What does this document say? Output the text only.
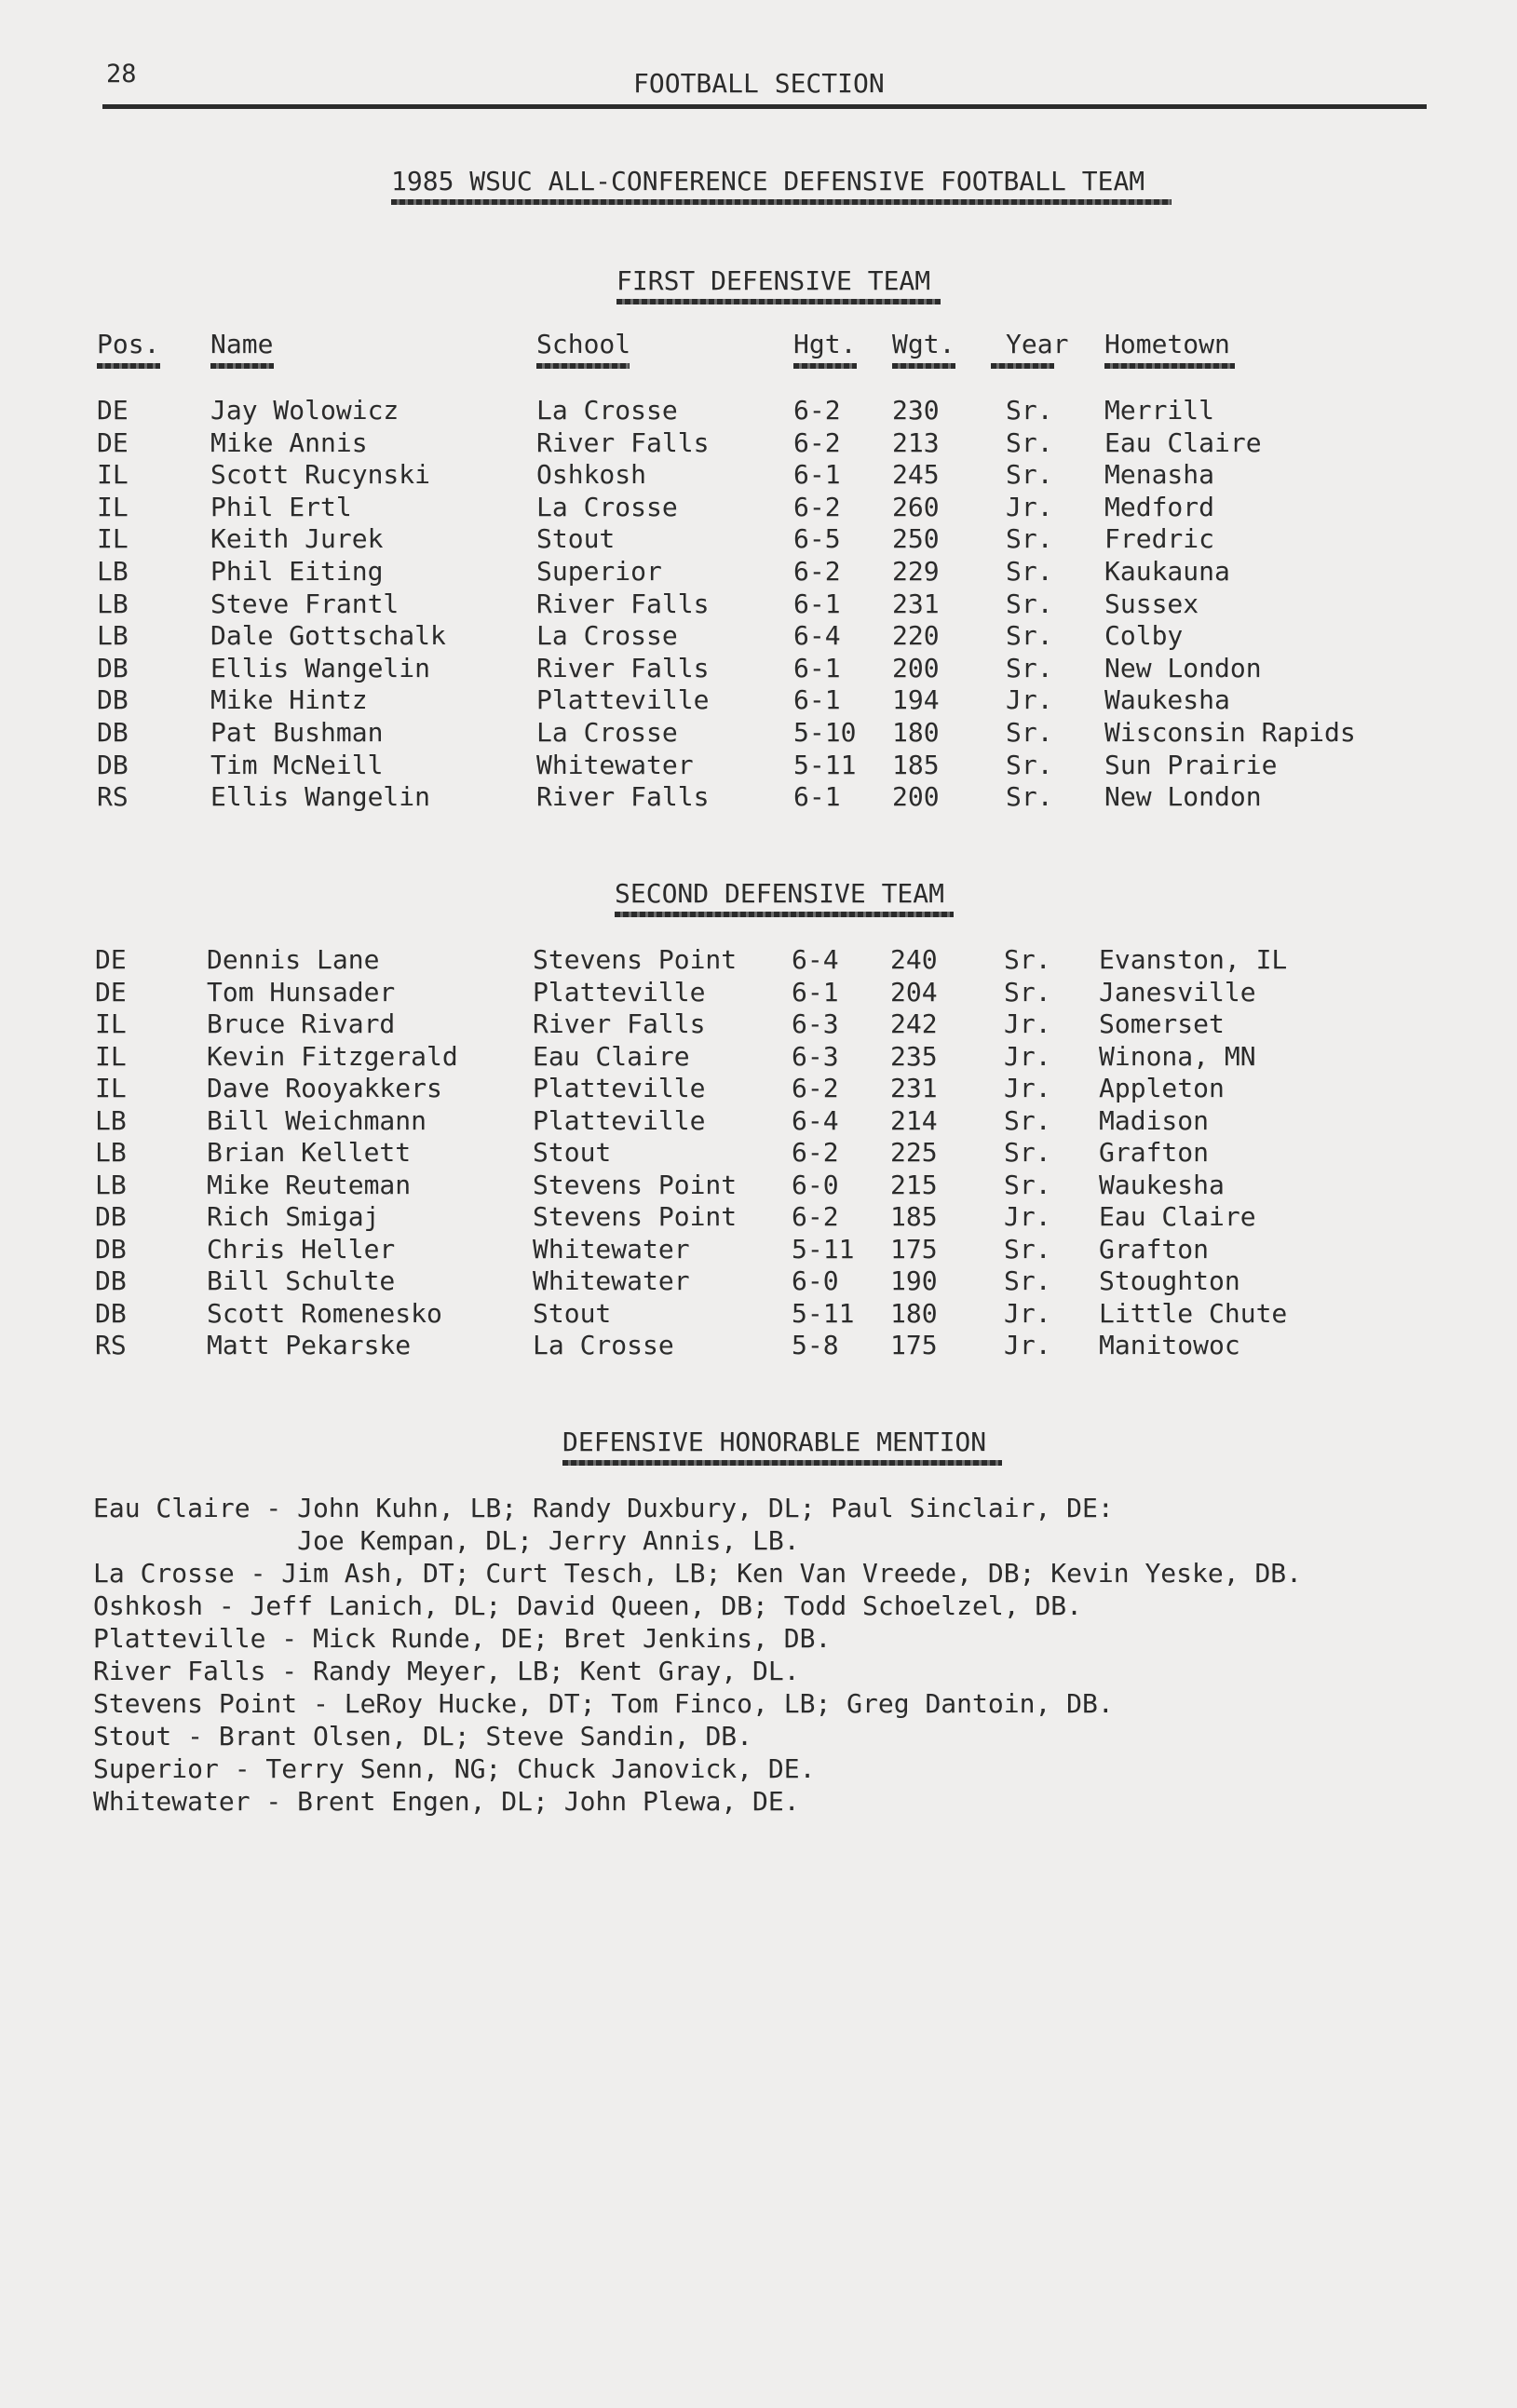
28	FOOTBALL SECTION
1985 WSUC ALL-CONFERENCE DEFENSIVE FOOTBALL TEAM
FIRST DEFENSIVE TEAM
Pos. Name	School	Hgt. Wgt. Year Hometown
DE	Jay Wolowicz	La Crosse	6-2 230	Sr. Merrill
DE	Mike Annis	River Falls	6-2 213	Sr. Eau Claire
IL	Scott Rucynski	Oshkosh	6-1 245	Sr. Menasha
IL	Phil Ertl	La Crosse	6-2 260	Jr. Medford
IL	Keith Jurek	Stout	6-5 250	Sr. Fredric
LB	Phil Eiting	Superior	6-2 229	Sr. Kaukauna
LB	Steve Frantl	River Falls	6-1 231	Sr. Sussex
LB	Dale Gottschalk	La Crosse	6-4 220	Sr. Colby
DB	Ellis Wangelin	River Falls	6-1 200	Sr. New London
DB	Mike Hintz	Platteville	6-1 194	Jr. Waukesha
DB	Pat Bushman	La Crosse	5-10 180	Sr. Wisconsin Rapids
DB	Tim McNeill	Whitewater	5-11 185	Sr. Sun Prairie
RS	Ellis Wangelin	River Falls	6-1 200	Sr. New London
SECOND DEFENSIVE TEAM
DE	Dennis Lane	Stevens Point 6-4 240	Sr. Evanston, IL
DE	Tom Hunsader	Platteville	6-1 204	Sr. Janesville
IL	Bruce Rivard	River Falls	6-3 242	Jr. Somerset
IL	Kevin Fitzgerald	Eau Claire	6-3 235	Jr. Winona, MN
IL	Dave Rooyakkers	Platteville	6-2 231	Jr. Appleton
LB	Bill Weichmann	Platteville	6-4 214	Sr. Madison
LB	Brian Kellett	Stout	6-2 225	Sr. Grafton
LB	Mike Reuteman	Stevens Point 6-0 215	Sr. Waukesha
DB	Rich Smigaj	Stevens Point 6-2 185	Jr. Eau Claire
DB	Chris Heller	Whitewater	5-11 175	Sr. Grafton
DB	Bill Schulte	Whitewater	6-0 190	Sr. Stoughton
DB	Scott Romenesko	Stout	5-11 180	Jr. Little Chute
RS	Matt Pekarske	La Crosse	5-8 175	Jr. Manitowoc
DEFENSIVE HONORABLE MENTION
Eau Claire - John Kuhn, LB; Randy Duxbury, DL; Paul Sinclair, DE:
Joe Kempan, DL; Jerry Annis, LB.
La Crosse - Jim Ash, DT; Curt Tesch, LB; Ken Van Vreede, DB; Kevin Yeske, DB.
Oshkosh - Jeff Lanich, DL; David Queen, DB; Todd Schoelzel, DB.
Platteville - Mick Runde, DE; Bret Jenkins, DB.
River Falls - Randy Meyer, LB; Kent Gray, DL.
Stevens Point - LeRoy Hucke, DT; Tom Finco, LB; Greg Dantoin, DB.
Stout - Brant Olsen, DL; Steve Sandin, DB.
Superior - Terry Senn, NG; Chuck Janovick, DE.
Whitewater - Brent Engen, DL; John Plewa, DE.
